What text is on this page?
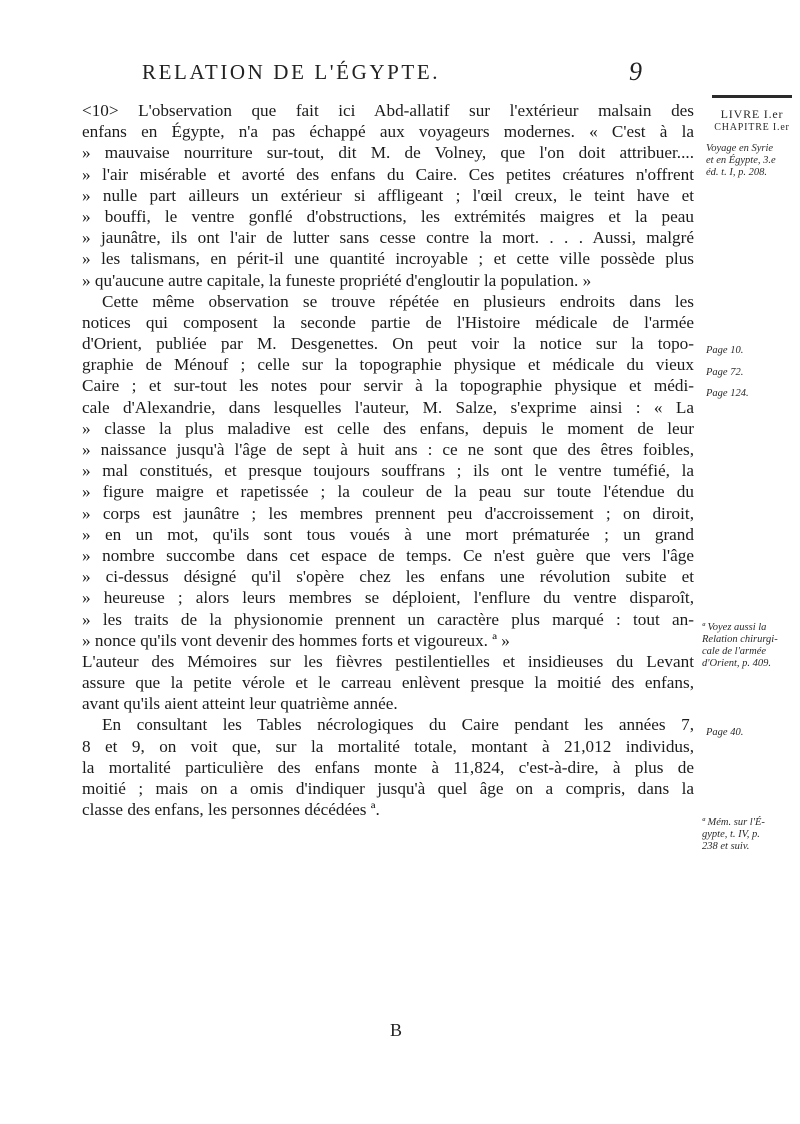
RELATION DE L'ÉGYPTE.	9
<10> L'observation que fait ici Abd-allatif sur l'extérieur malsain des
enfans en Égypte, n'a pas échappé aux voyageurs modernes. « C'est à la
» mauvaise nourriture sur-tout, dit M. de Volney, que l'on doit attribuer....
» l'air misérable et avorté des enfans du Caire. Ces petites créatures n'offrent
» nulle part ailleurs un extérieur si affligeant ; l'œil creux, le teint have et
» bouffi, le ventre gonflé d'obstructions, les extrémités maigres et la peau
» jaunâtre, ils ont l'air de lutter sans cesse contre la mort. . . . Aussi, malgré
» les talismans, en périt-il une quantité incroyable ; et cette ville possède plus
» qu'aucune autre capitale, la funeste propriété d'engloutir la population. »
Cette même observation se trouve répétée en plusieurs endroits dans les
notices qui composent la seconde partie de l'Histoire médicale de l'armée
d'Orient, publiée par M. Desgenettes. On peut voir la notice sur la topo-
graphie de Ménouf ; celle sur la topographie physique et médicale du vieux
Caire ; et sur-tout les notes pour servir à la topographie physique et médi-
cale d'Alexandrie, dans lesquelles l'auteur, M. Salze, s'exprime ainsi : « La
» classe la plus maladive est celle des enfans, depuis le moment de leur
» naissance jusqu'à l'âge de sept à huit ans : ce ne sont que des êtres foibles,
» mal constitués, et presque toujours souffrans ; ils ont le ventre tuméfié, la
» figure maigre et rapetissée ; la couleur de la peau sur toute l'étendue du
» corps est jaunâtre ; les membres prennent peu d'accroissement ; on diroit,
» en un mot, qu'ils sont tous voués à une mort prématurée ; un grand
» nombre succombe dans cet espace de temps. Ce n'est guère que vers l'âge
» ci-dessus désigné qu'il s'opère chez les enfans une révolution subite et
» heureuse ; alors leurs membres se déploient, l'enflure du ventre disparoît,
» les traits de la physionomie prennent un caractère plus marqué : tout an-
» nonce qu'ils vont devenir des hommes forts et vigoureux. ª »
L'auteur des Mémoires sur les fièvres pestilentielles et insidieuses du Levant
assure que la petite vérole et le carreau enlèvent presque la moitié des enfans,
avant qu'ils aient atteint leur quatrième année.
En consultant les Tables nécrologiques du Caire pendant les années 7,
8 et 9, on voit que, sur la mortalité totale, montant à 21,012 individus,
la mortalité particulière des enfans monte à 11,824, c'est-à-dire, à plus de
moitié ; mais on a omis d'indiquer jusqu'à quel âge on a compris, dans la
classe des enfans, les personnes décédées ª.
LIVRE I.er
CHAPITRE I.er
Voyage en Syrie
et en Égypte, 3.e
éd. t. I, p. 208.
Page 10.
Page 72.
Page 124.
ª Voyez aussi la
Relation chirurgi-
cale de l'armée
d'Orient, p. 409.
Page 40.
ª Mém. sur l'É-
gypte, t. IV, p.
238 et suiv.
B
